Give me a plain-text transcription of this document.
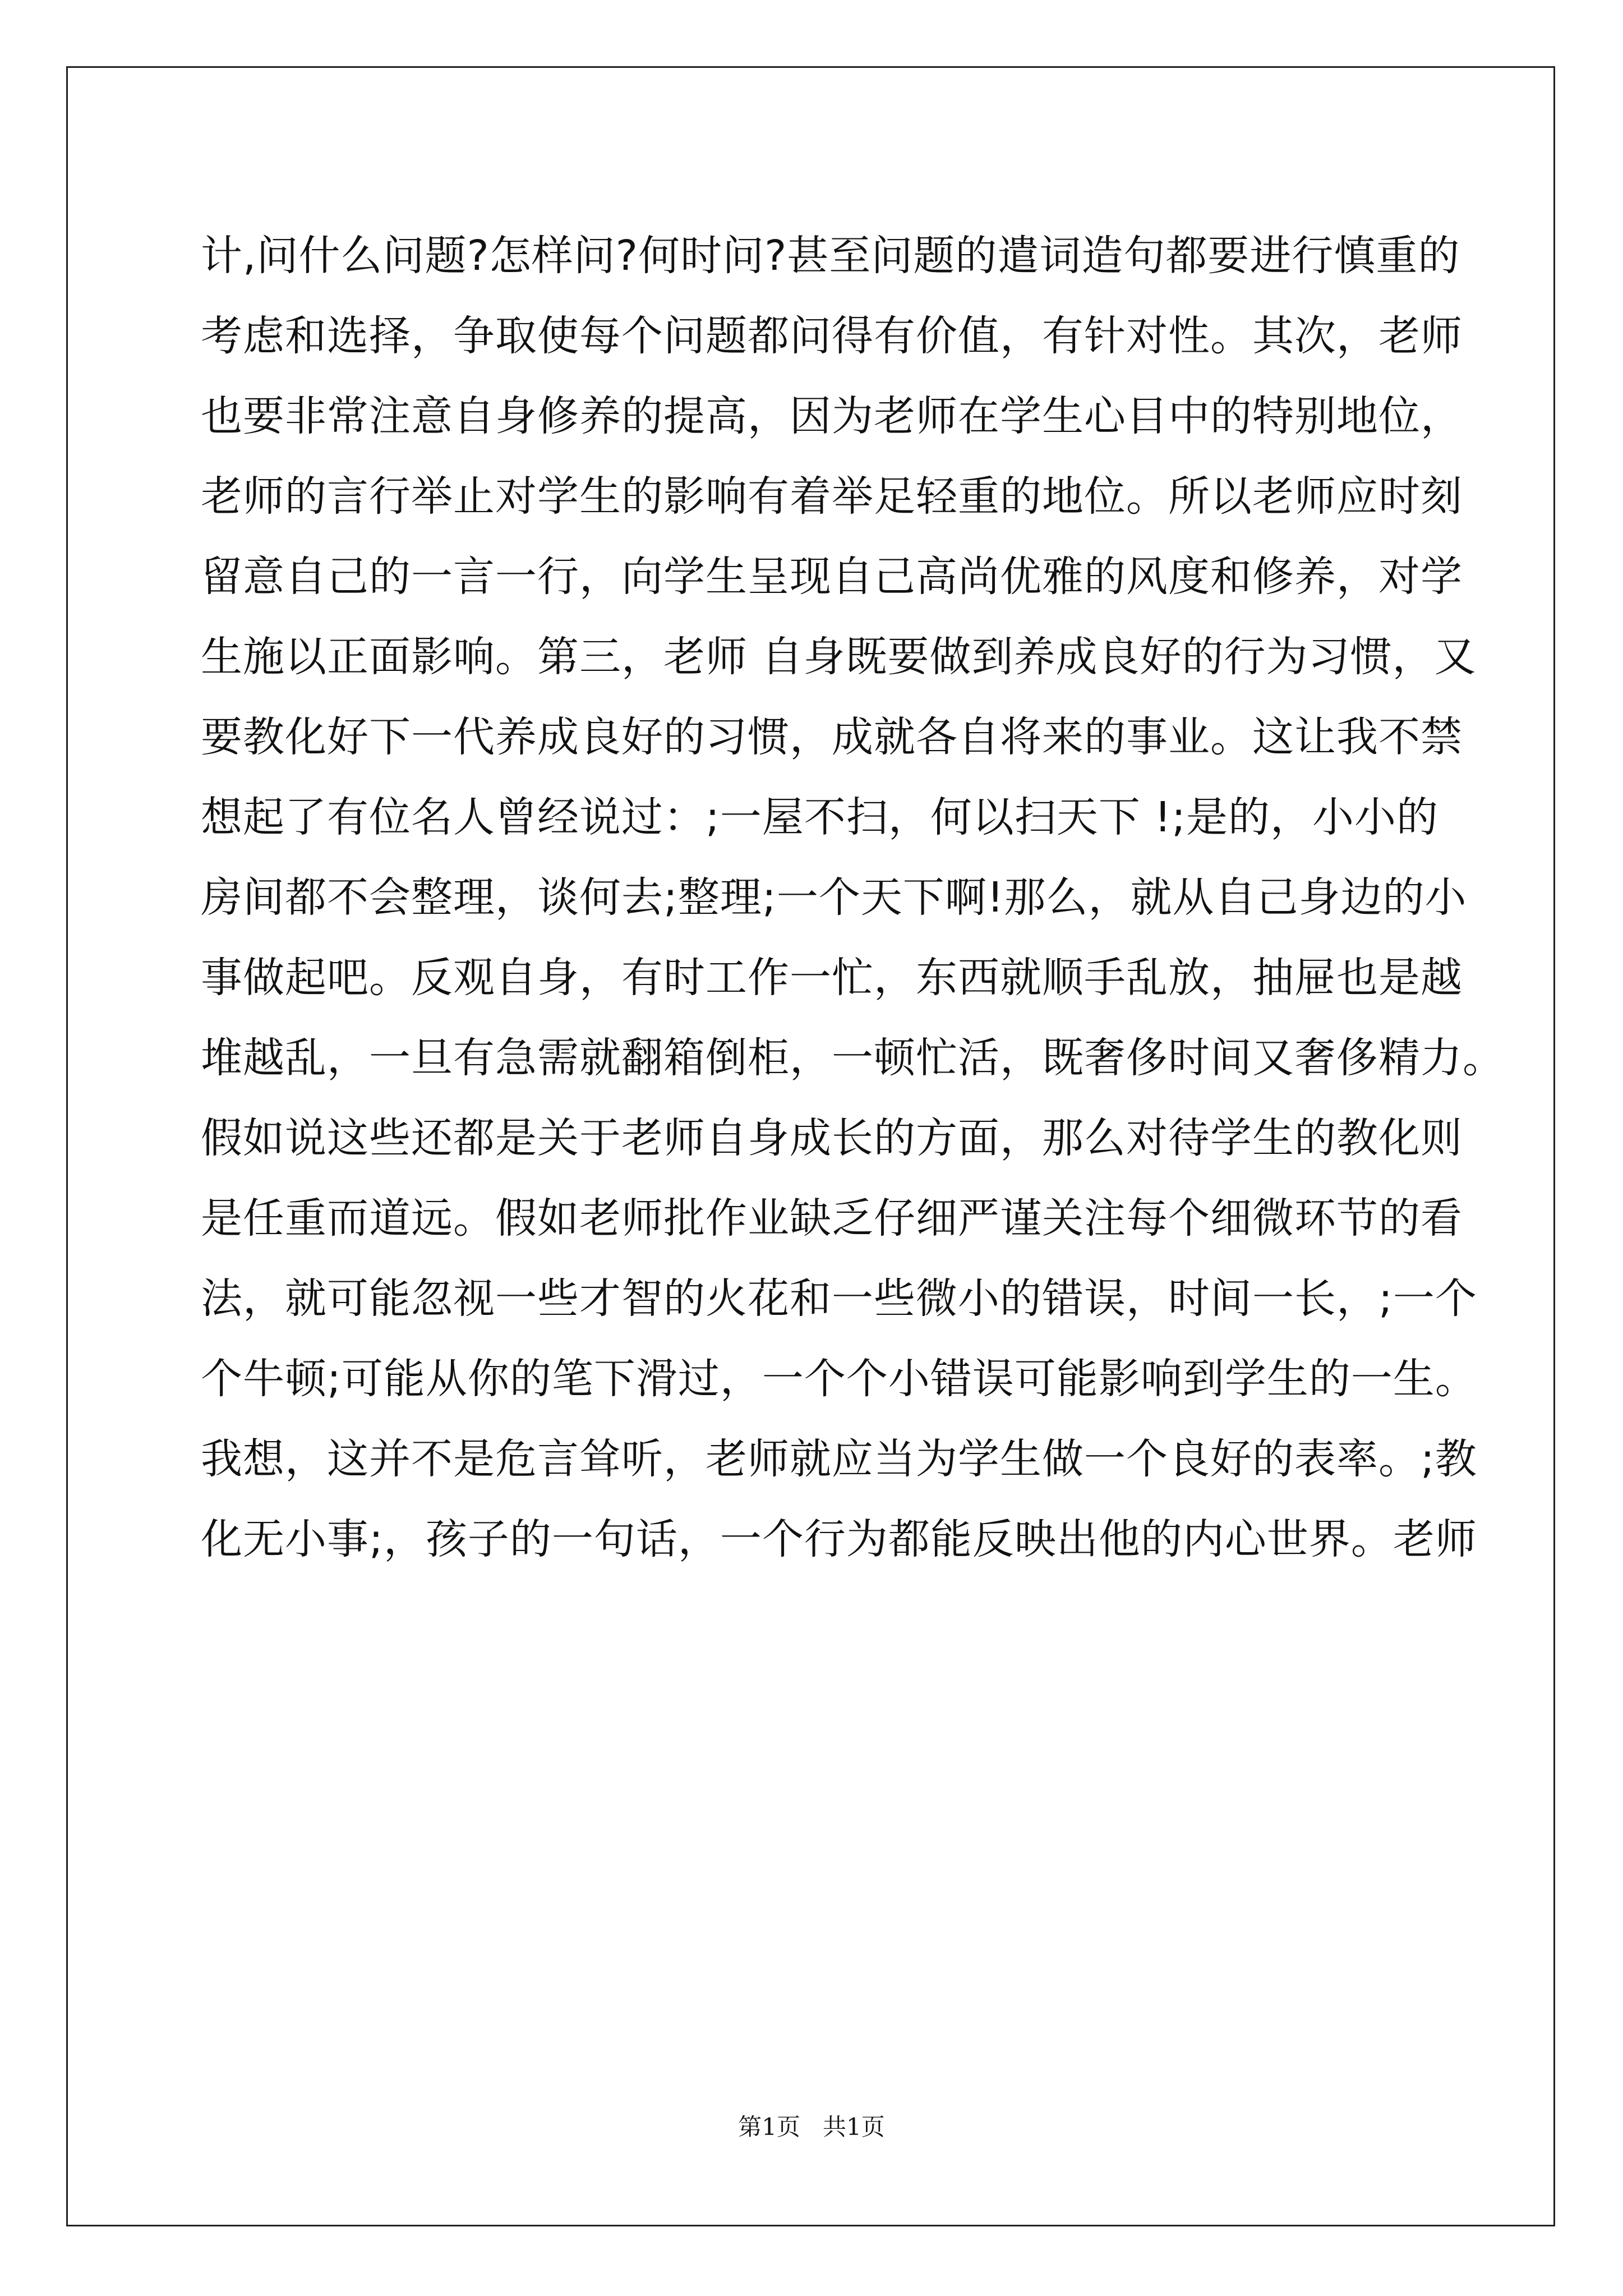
计,问什么问题?怎样问?何时问?甚至问题的遣词造句都要进行慎重的
考虑和选择，争取使每个问题都问得有价值，有针对性。其次，老师
也要非常注意自身修养的提高，因为老师在学生心目中的特别地位，
老师的言行举止对学生的影响有着举足轻重的地位。所以老师应时刻
留意自己的一言一行，向学生呈现自己高尚优雅的风度和修养，对学
生施以正面影响。第三，老师 自身既要做到养成良好的行为习惯，又
要教化好下一代养成良好的习惯，成就各自将来的事业。这让我不禁
想起了有位名人曾经说过：;一屋不扫，何以扫天下 !;是的，小小的
房间都不会整理，谈何去;整理;一个天下啊!那么，就从自己身边的小
事做起吧。反观自身，有时工作一忙，东西就顺手乱放，抽屉也是越
堆越乱，一旦有急需就翻箱倒柜，一顿忙活，既奢侈时间又奢侈精力。
假如说这些还都是关于老师自身成长的方面，那么对待学生的教化则
是任重而道远。假如老师批作业缺乏仔细严谨关注每个细微环节的看
法，就可能忽视一些才智的火花和一些微小的错误，时间一长，;一个
个牛顿;可能从你的笔下滑过，一个个小错误可能影响到学生的一生。
我想，这并不是危言耸听，老师就应当为学生做一个良好的表率。;教
化无小事;，孩子的一句话，一个行为都能反映出他的内心世界。老师
第1页   共1页
